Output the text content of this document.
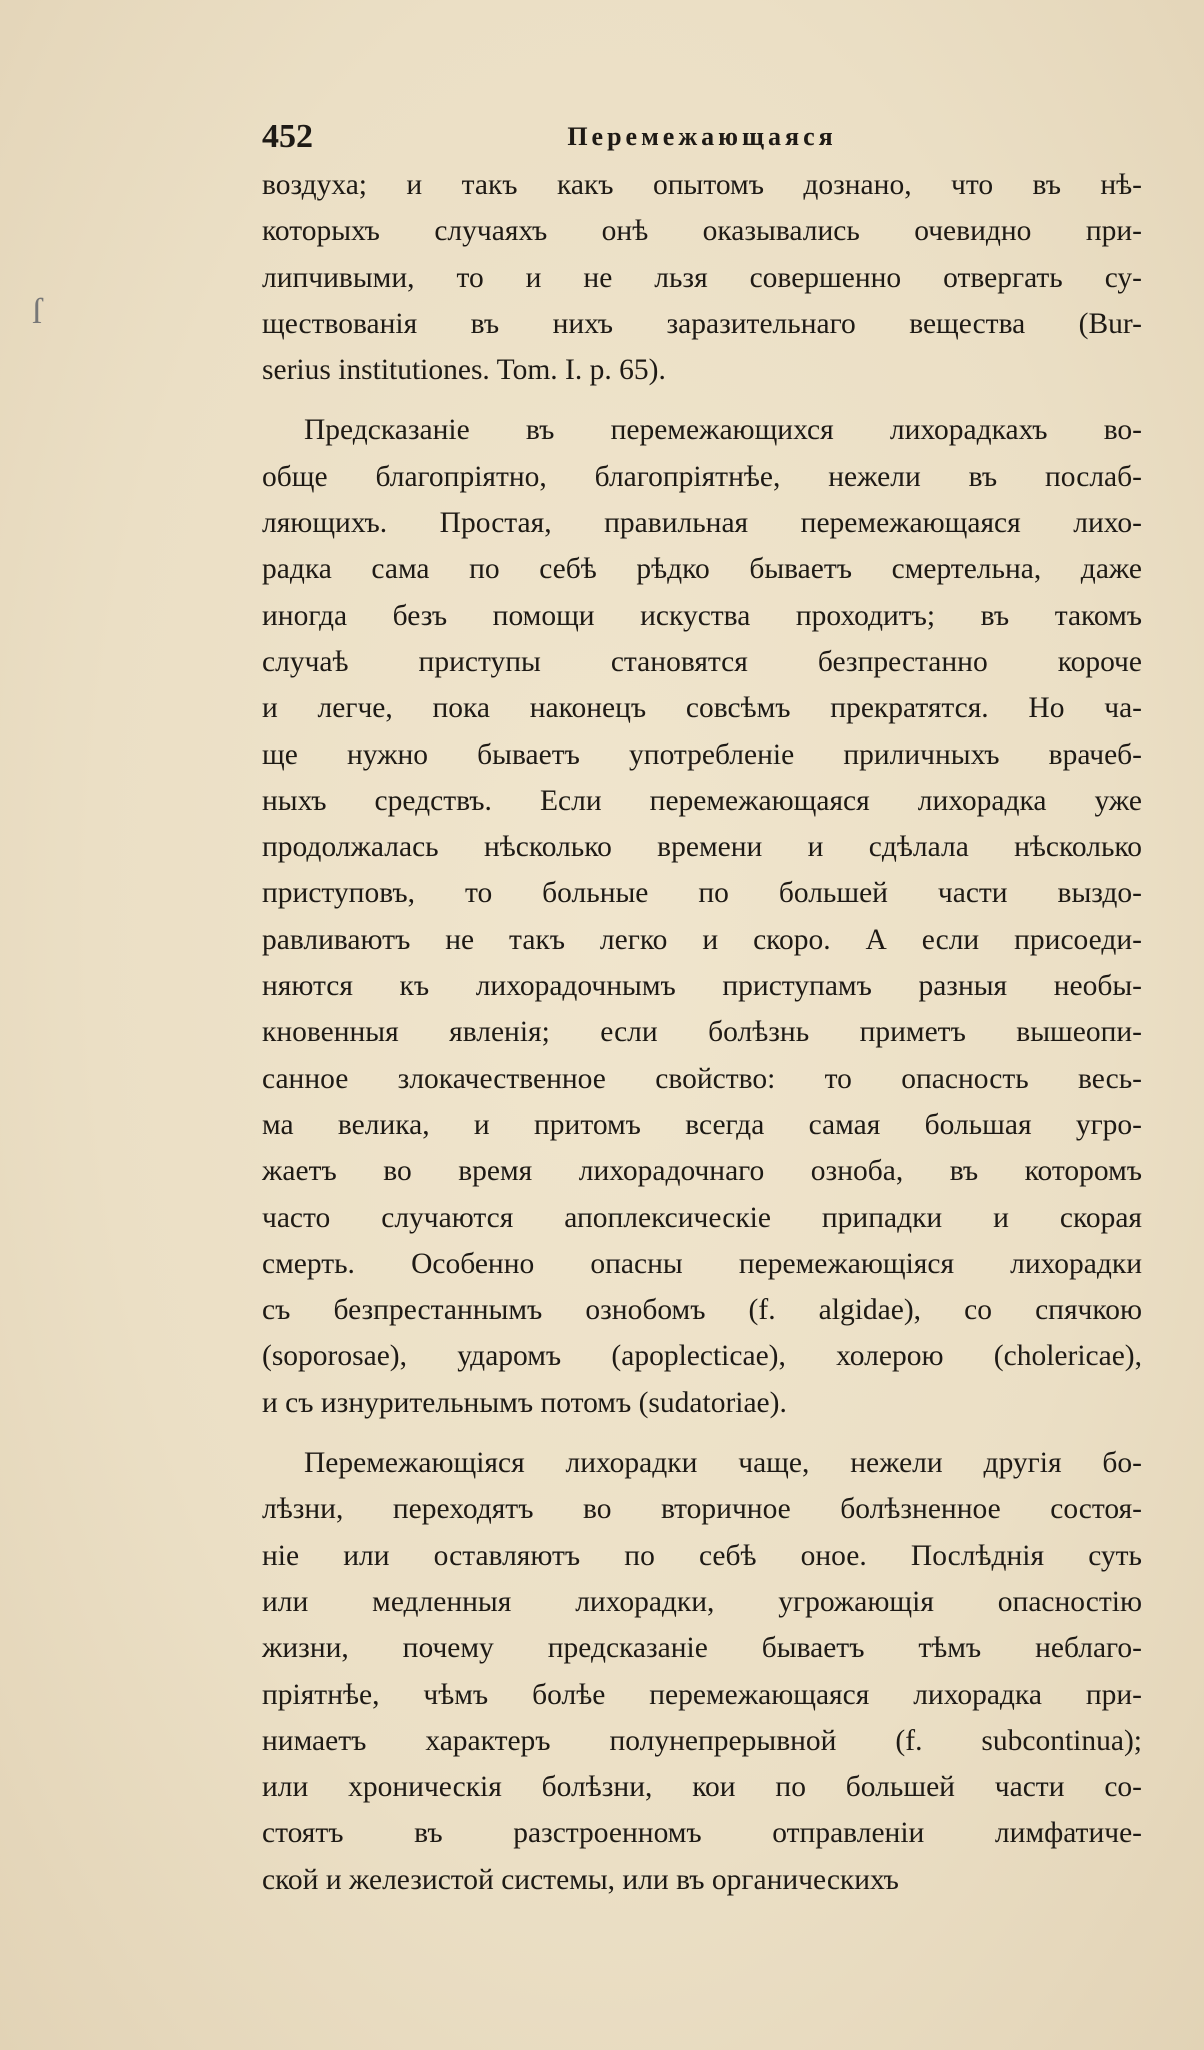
ſ
452	Перемежающаяся
воздуха; и такъ какъ опытомъ дознано, что въ нѣ-
которыхъ случаяхъ онѣ оказывались очевидно при-
липчивыми, то и не льзя совершенно отвергать су-
ществованія въ нихъ заразительнаго вещества (Bur-
serius institutiones. Tom. I. p. 65).
Предсказаніе въ перемежающихся лихорадкахъ во-
обще благопріятно, благопріятнѣе, нежели въ послаб-
ляющихъ. Простая, правильная перемежающаяся лихо-
радка сама по себѣ рѣдко бываетъ смертельна, даже
иногда безъ помощи искуства проходитъ; въ такомъ
случаѣ приступы становятся безпрестанно короче
и легче, пока наконецъ совсѣмъ прекратятся. Но ча-
ще нужно бываетъ употребленіе приличныхъ врачеб-
ныхъ средствъ. Если перемежающаяся лихорадка уже
продолжалась нѣсколько времени и сдѣлала нѣсколько
приступовъ, то больные по большей части выздо-
равливаютъ не такъ легко и скоро. А если присоеди-
няются къ лихорадочнымъ приступамъ разныя необы-
кновенныя явленія; если болѣзнь приметъ вышеопи-
санное злокачественное свойство: то опасность весь-
ма велика, и притомъ всегда самая большая угро-
жаетъ во время лихорадочнаго озноба, въ которомъ
часто случаются апоплексическіе припадки и скорая
смерть. Особенно опасны перемежающіяся лихорадки
съ безпрестаннымъ ознобомъ (f. algidae), со спячкою
(soporosae), ударомъ (apoplecticae), холерою (cholericae),
и съ изнурительнымъ потомъ (sudatoriae).
Перемежающіяся лихорадки чаще, нежели другія бо-
лѣзни, переходятъ во вторичное болѣзненное состоя-
ніе или оставляютъ по себѣ оное. Послѣднія суть
или медленныя лихорадки, угрожающія опасностію
жизни, почему предсказаніе бываетъ тѣмъ неблаго-
пріятнѣе, чѣмъ болѣе перемежающаяся лихорадка при-
нимаетъ характеръ полунепрерывной (f. subcontinua);
или хроническія болѣзни, кои по большей части со-
стоятъ въ разстроенномъ отправленіи лимфатиче-
ской и железистой системы, или въ органическихъ
